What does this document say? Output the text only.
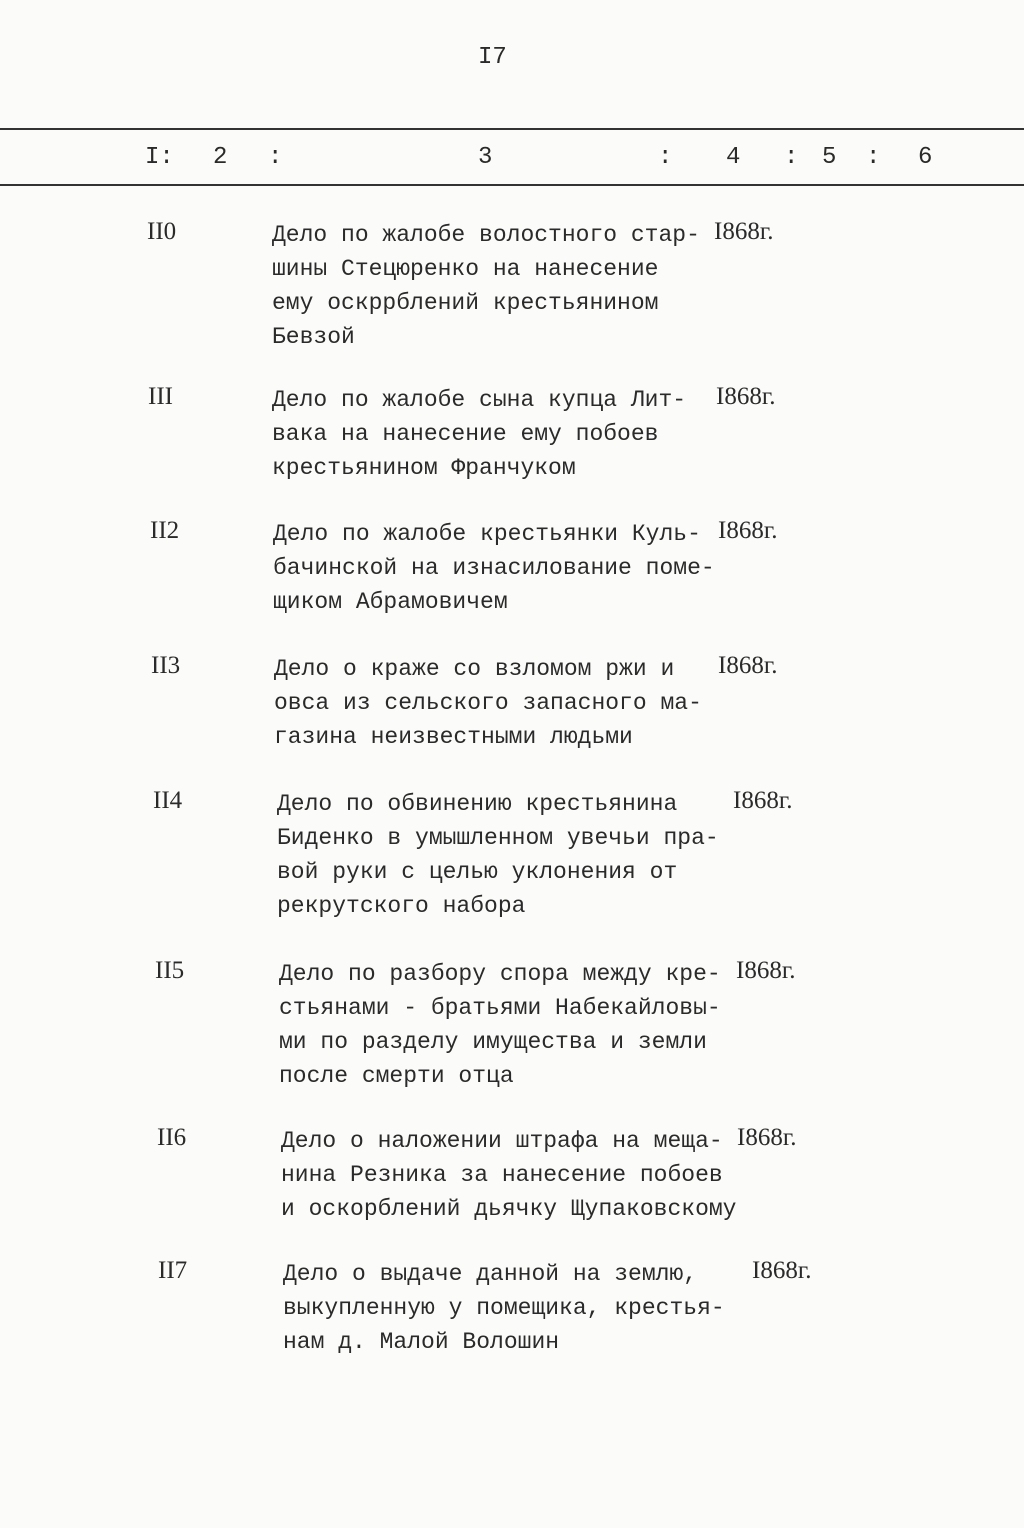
I7
I: 2 :	3	: 4 : 5 : 6
II0	Дело по жалобе волостного стар-
шины Стецюренко на нанесение
ему оскррблений крестьянином
Бевзой
I868г.
III	Дело по жалобе сына купца Лит-
вака на нанесение ему побоев
крестьянином Франчуком
I868г.
II2	Дело по жалобе крестьянки Куль-
бачинской на изнасилование поме-
щиком Абрамовичем
I868г.
II3	Дело о краже со взломом ржи и
овса из сельского запасного ма-
газина неизвестными людьми
I868г.
II4	Дело по обвинению крестьянина
Биденко в умышленном увечьи пра-
вой руки с целью уклонения от
рекрутского набора
I868г.
II5	Дело по разбору спора между кре-
стьянами - братьями Набекайловы-
ми по разделу имущества и земли
после смерти отца
I868г.
II6	Дело о наложении штрафа на меща-
нина Резника за нанесение побоев
и оскорблений дьячку Щупаковскому
I868г.
II7	Дело о выдаче данной на землю,
выкупленную у помещика, крестья-
нам д. Малой Волошин
I868г.
